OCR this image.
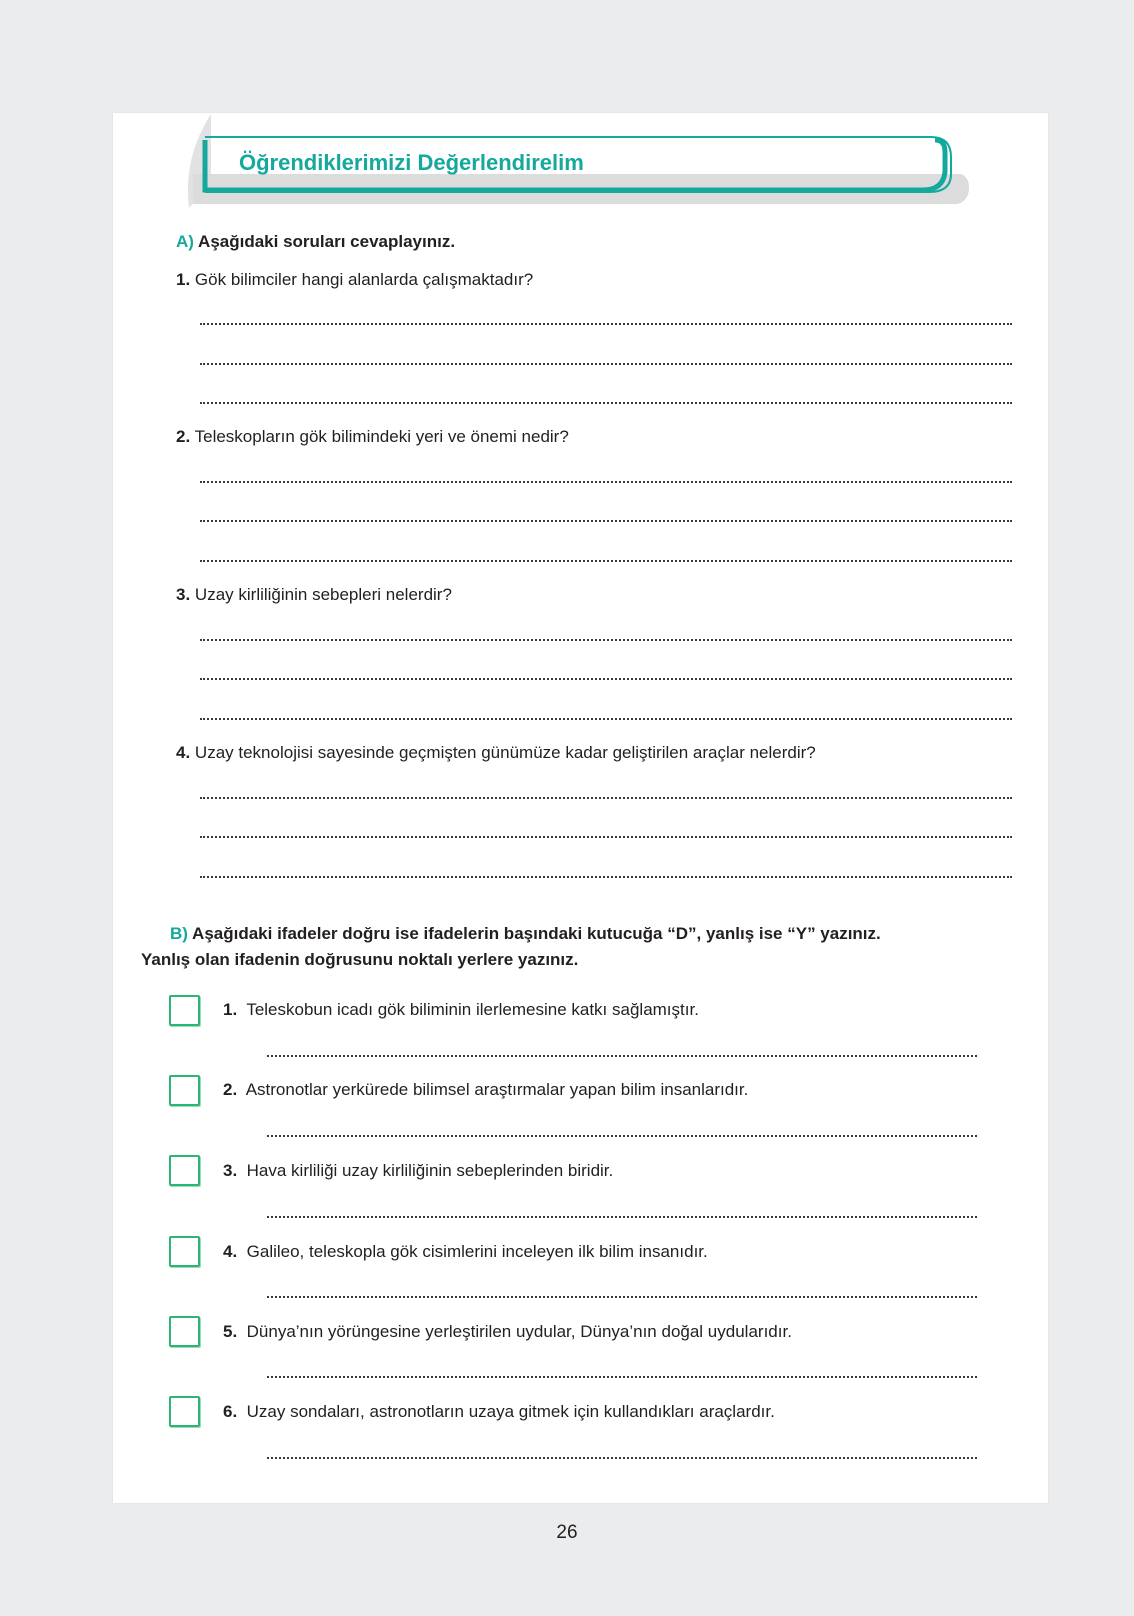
Öğrendiklerimizi Değerlendirelim
A) Aşağıdaki soruları cevaplayınız.
1. Gök bilimciler hangi alanlarda çalışmaktadır?
2. Teleskopların gök bilimindeki yeri ve önemi nedir?
3. Uzay kirliliğinin sebepleri nelerdir?
4. Uzay teknolojisi sayesinde geçmişten günümüze kadar geliştirilen araçlar nelerdir?
B) Aşağıdaki ifadeler doğru ise ifadelerin başındaki kutucuğa “D”, yanlış ise “Y” yazınız.
Yanlış olan ifadenin doğrusunu noktalı yerlere yazınız.
1. Teleskobun icadı gök biliminin ilerlemesine katkı sağlamıştır.
2. Astronotlar yerkürede bilimsel araştırmalar yapan bilim insanlarıdır.
3. Hava kirliliği uzay kirliliğinin sebeplerinden biridir.
4. Galileo, teleskopla gök cisimlerini inceleyen ilk bilim insanıdır.
5. Dünya’nın yörüngesine yerleştirilen uydular, Dünya’nın doğal uydularıdır.
6. Uzay sondaları, astronotların uzaya gitmek için kullandıkları araçlardır.
26
